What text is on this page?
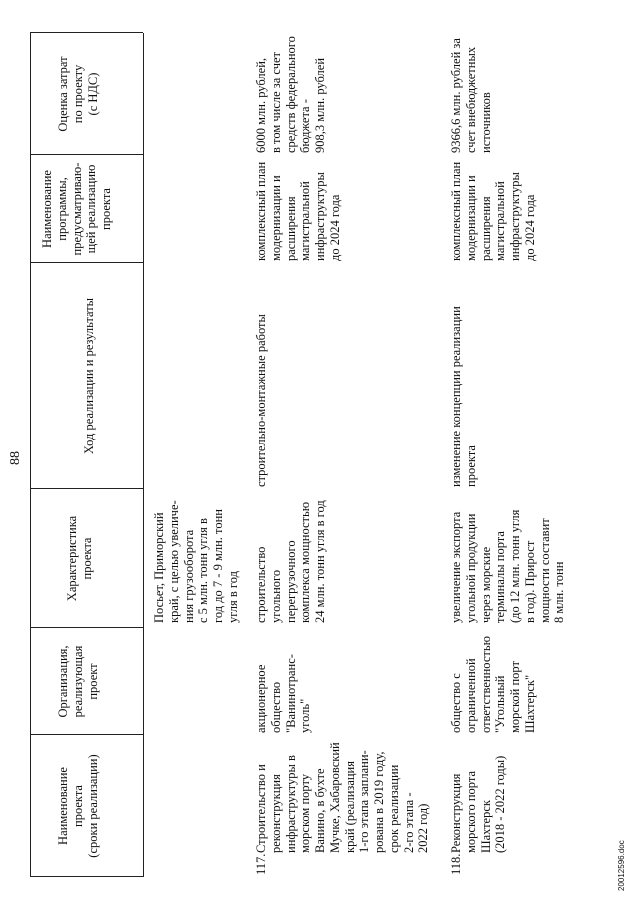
88
Наименование
проекта
(сроки реализации)
Организация,
реализующая
проект
Характеристика
проекта
Ход реализации и результаты
Наименование
программы,
предусматриваю-
щей реализацию
проекта
Оценка затрат
по проекту
(с НДС)
Посьет, Приморский
край, с целью увеличе-
ния грузооборота
с 5 млн. тонн угля в
год до 7 - 9 млн. тонн
угля в год
117.
Строительство и
реконструкция
инфраструктуры в
морском порту
Ванино, в бухте
Мучке, Хабаровский
край (реализация
1-го этапа заплани-
рована в 2019 году,
срок реализации
2-го этапа -
2022 год)
акционерное
общество
"Ванинотранс-
уголь"
строительство
угольного
перегрузочного
комплекса мощностью
24 млн. тонн угля в год
строительно-монтажные работы
комплексный план
модернизации и
расширения
магистральной
инфраструктуры
до 2024 года
6000 млн. рублей,
в том числе за счет
средств федерального
бюджета -
908,3 млн. рублей
118.
Реконструкция
морского порта
Шахтерск
(2018 - 2022 годы)
общество с
ограниченной
ответственностью
"Угольный
морской порт
Шахтерск"
увеличение экспорта
угольной продукции
через морские
терминалы порта
(до 12 млн. тонн угля
в год). Прирост
мощности составит
8 млн. тонн
изменение концепции реализации
проекта
комплексный план
модернизации и
расширения
магистральной
инфраструктуры
до 2024 года
9366,6 млн. рублей за
счет внебюджетных
источников
20012596.doc
